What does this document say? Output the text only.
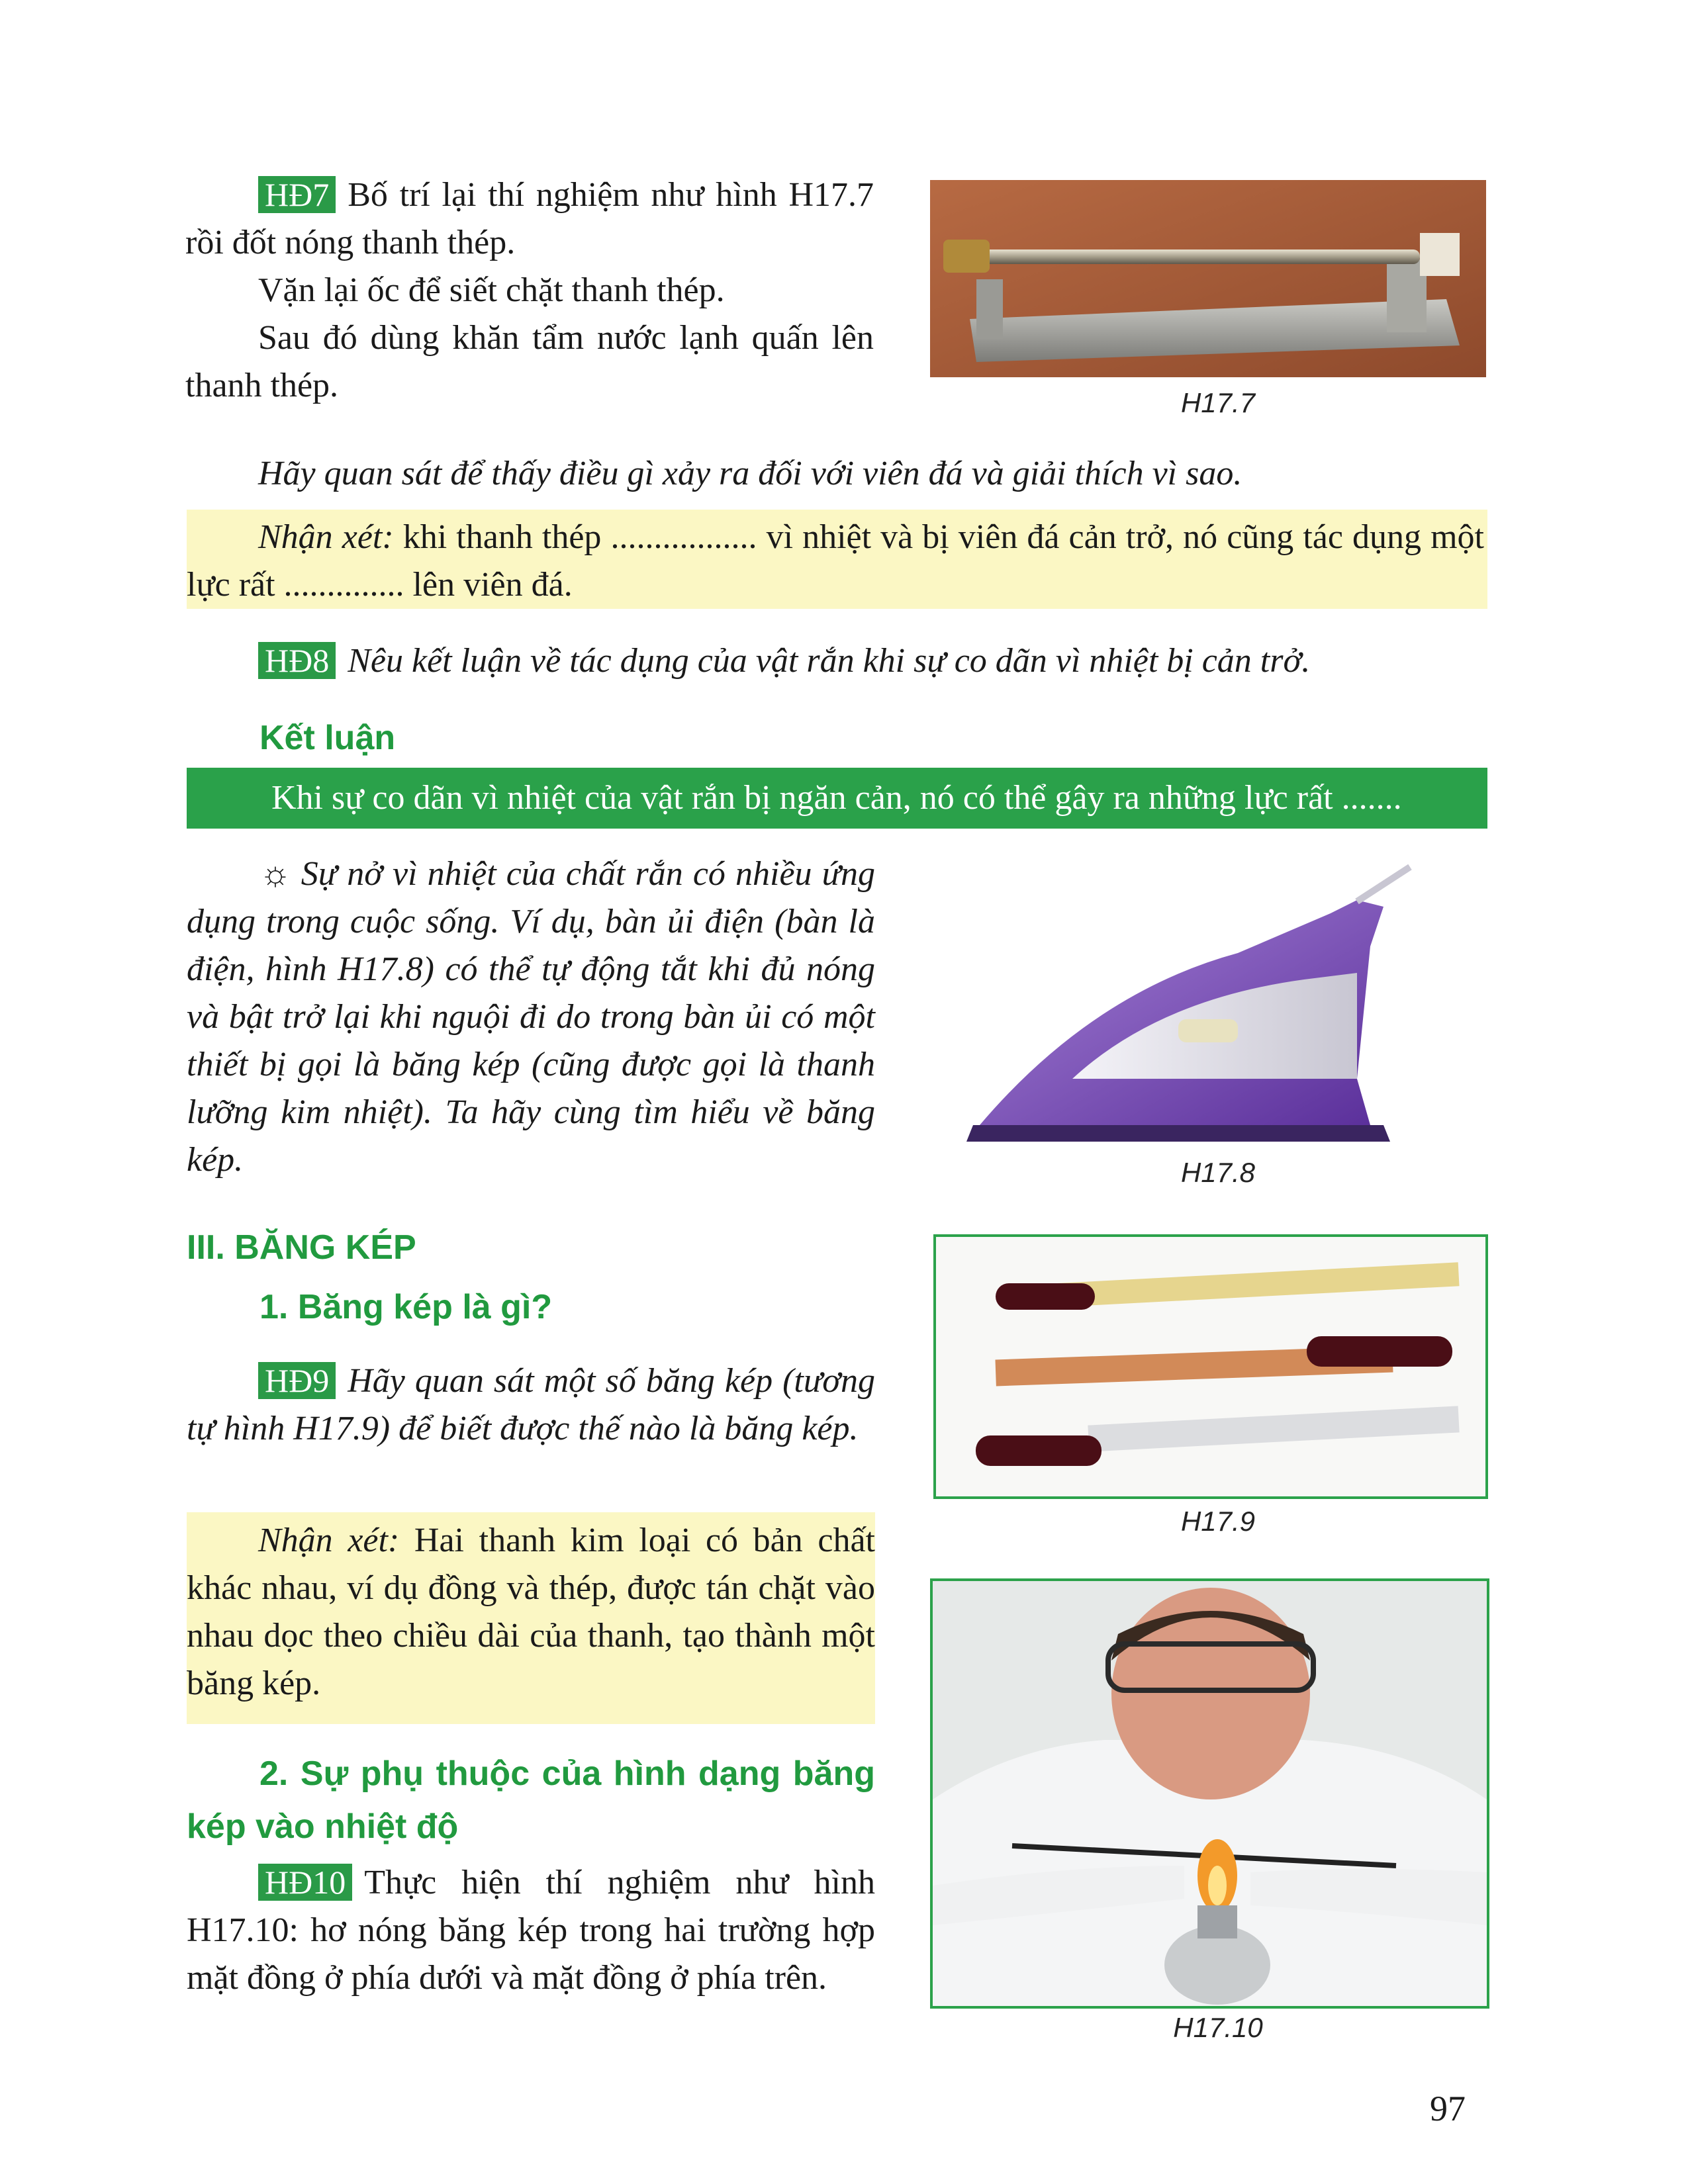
HĐ7 Bố trí lại thí nghiệm như hình H17.7 rồi đốt nóng thanh thép.
Vặn lại ốc để siết chặt thanh thép.
Sau đó dùng khăn tẩm nước lạnh quấn lên thanh thép.	H17.7
Hãy quan sát để thấy điều gì xảy ra đối với viên đá và giải thích vì sao.
Nhận xét: khi thanh thép ................. vì nhiệt và bị viên đá cản trở, nó cũng tác dụng một lực rất .............. lên viên đá.
HĐ8 Nêu kết luận về tác dụng của vật rắn khi sự co dãn vì nhiệt bị cản trở.
Kết luận
Khi sự co dãn vì nhiệt của vật rắn bị ngăn cản, nó có thể gây ra những lực rất .......
☼ Sự nở vì nhiệt của chất rắn có nhiều ứng dụng trong cuộc sống. Ví dụ, bàn ủi điện (bàn là điện, hình H17.8) có thể tự động tắt khi đủ nóng và bật trở lại khi nguội đi do trong bàn ủi có một thiết bị gọi là băng kép (cũng được gọi là thanh lưỡng kim nhiệt). Ta hãy cùng tìm hiểu về băng kép.	H17.8
III. BĂNG KÉP
1. Băng kép là gì?
HĐ9 Hãy quan sát một số băng kép (tương tự hình H17.9) để biết được thế nào là băng kép.
H17.9
Nhận xét: Hai thanh kim loại có bản chất khác nhau, ví dụ đồng và thép, được tán chặt vào nhau dọc theo chiều dài của thanh, tạo thành một băng kép.
2. Sự phụ thuộc của hình dạng băng kép vào nhiệt độ
HĐ10 Thực hiện thí nghiệm như hình H17.10: hơ nóng băng kép trong hai trường hợp mặt đồng ở phía dưới và mặt đồng ở phía trên.
H17.10
97
